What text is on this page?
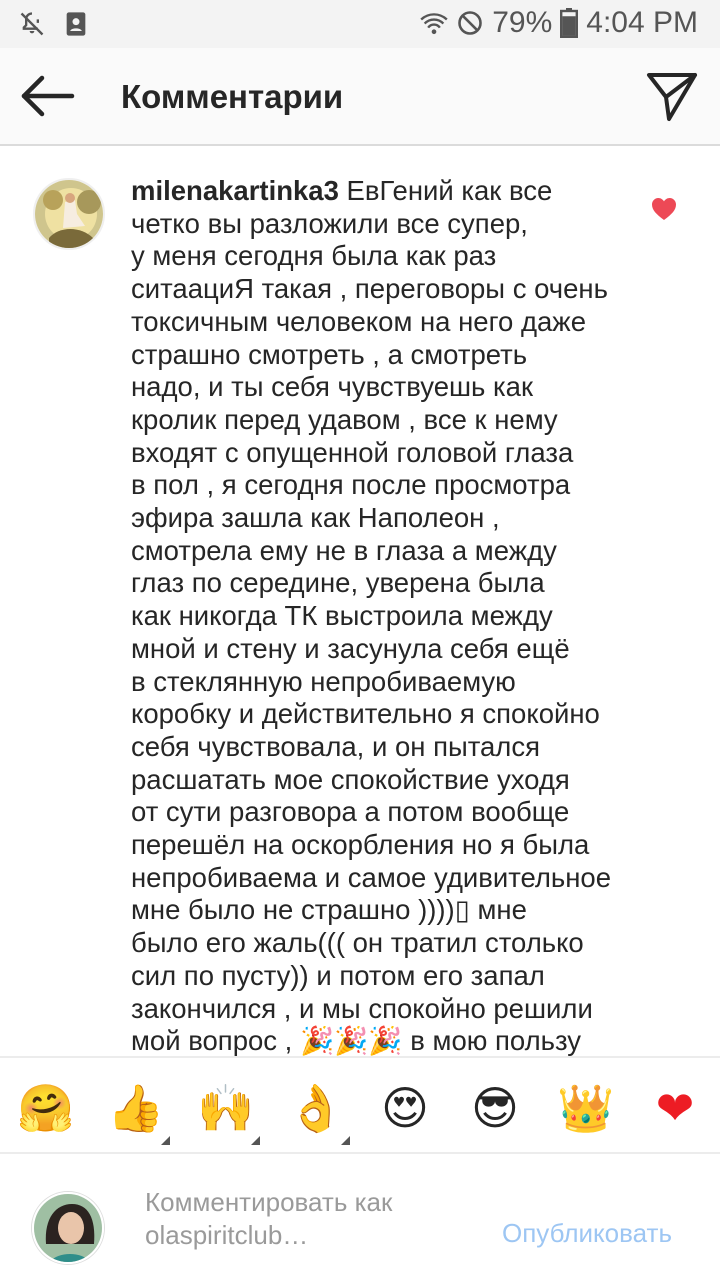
79% 4:04 PM
Комментарии

milenakartinka3 ЕвГений как все

четко вы разложили все супер,

у меня сегодня была как раз

ситаациЯ такая , переговоры с очень

токсичным человеком на него даже

страшно смотреть , а смотреть

надо, и ты себя чувствуешь как

кролик перед удавом , все к нему

входят с опущенной головой глаза

в пол , я сегодня после просмотра

эфира зашла как Наполеон ,

смотрела ему не в глаза а между

глаз по середине, уверена была

как никогда ТК выстроила между

мной и стену и засунула себя ещё

в стеклянную непробиваемую

коробку и действительно я спокойно

себя чувствовала, и он пытался

расшатать мое спокойствие уходя

от сути разговора а потом вообще

перешёл на оскорбления но я была

непробиваема и самое удивительное

мне было не страшно ))))▯ мне

было его жаль((( он тратил столько

сил по пусту)) и потом его запал

закончился , и мы спокойно решили

мой вопрос , 🎉🎉🎉 в мою пользу

🤗 👍 🙌 👌 😍 😎 👑 ❤
Комментировать как
olaspiritclub…	Опубликовать
